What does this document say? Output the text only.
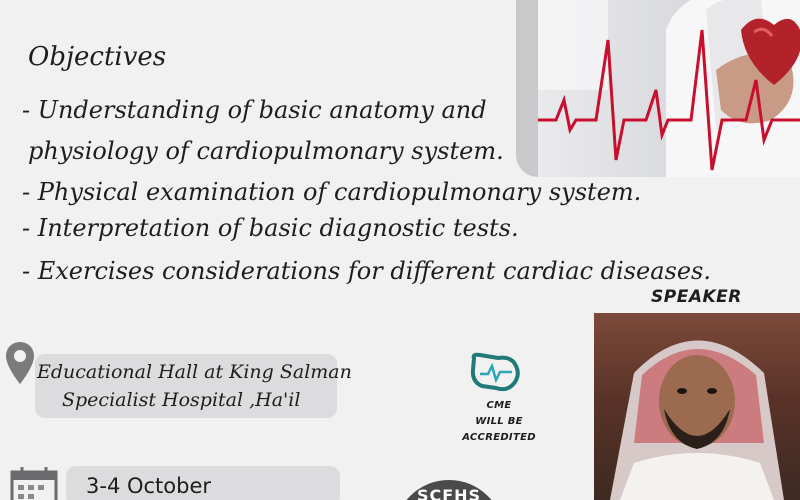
Objectives
- Understanding of basic anatomy and
physiology of cardiopulmonary system.
- Physical examination of cardiopulmonary system.
- Interpretation of basic diagnostic tests.
- Exercises considerations for different cardiac diseases.
SPEAKER
Educational Hall at King Salman
Specialist Hospital ,Ha'il	CME
WILL BE
ACCREDITED
3-4 October	SCFHS
